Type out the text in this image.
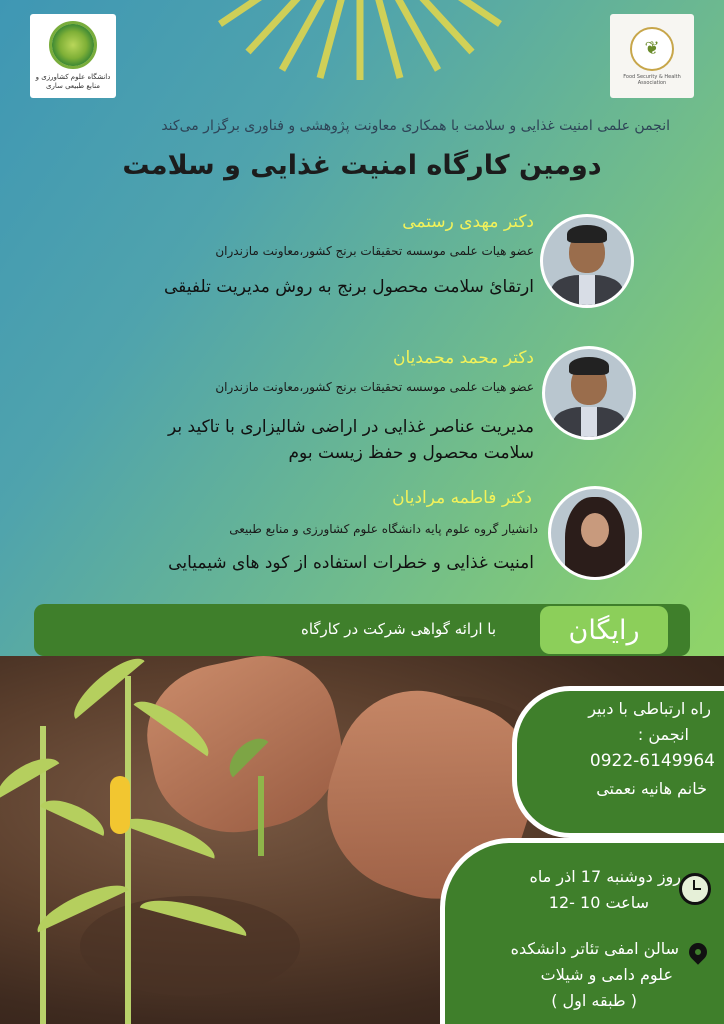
دانشگاه علوم کشاورزی و منابع طبیعی ساری
❦
Food Security & Health Association
انجمن علمی امنیت غذایی و سلامت با همکاری معاونت پژوهشی و فناوری برگزار می‌کند
دومین کارگاه امنیت غذایی و سلامت
دکتر مهدی رستمی
عضو هیات علمی موسسه تحقیقات برنج کشور،معاونت مازندران
ارتقائ سلامت محصول برنج به روش مدیریت تلفیقی
دکتر محمد محمدیان
عضو هیات علمی موسسه تحقیقات برنج کشور،معاونت مازندران
مدیریت عناصر غذایی در اراضی شالیزاری با تاکید بر
سلامت محصول و حفظ زیست بوم
دکتر فاطمه مرادیان
دانشیار گروه علوم پایه دانشگاه علوم کشاورزی و منابع طبیعی
امنیت غذایی و خطرات استفاده از کود های شیمیایی
با ارائه گواهی شرکت در کارگاه	رایگان
راه ارتباطی با دبیر
انجمن :
0922-6149964
خانم هانیه نعمتی
روز دوشنبه 17 اذر ماه
ساعت 10 -12
سالن امفی تئاتر دانشکده
علوم دامی و شیلات
( طبقه اول )
